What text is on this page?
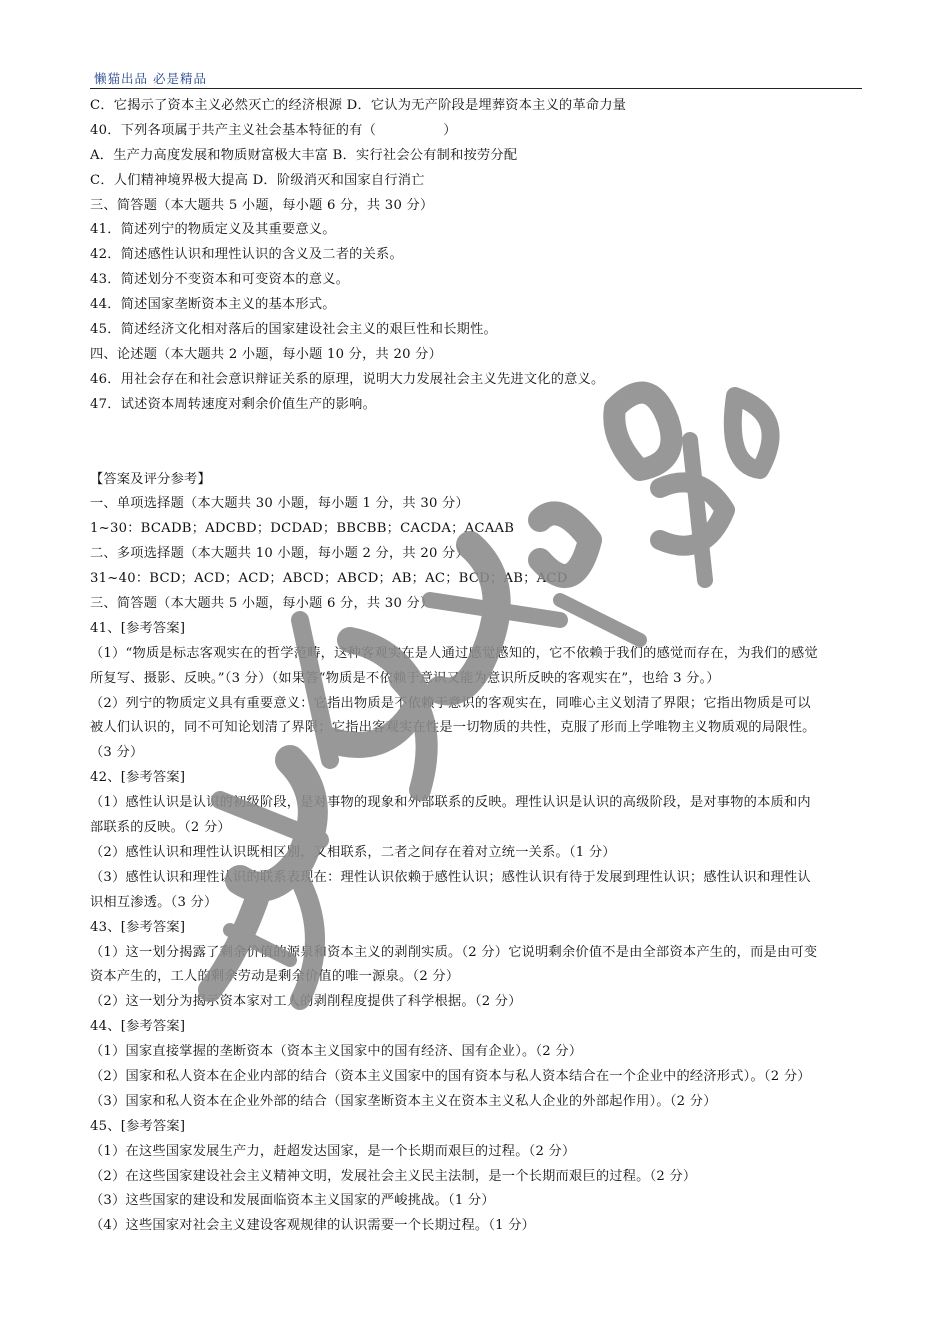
懒猫出品 必是精品
C．它揭示了资本主义必然灭亡的经济根源 D．它认为无产阶段是埋葬资本主义的革命力量
40．下列各项属于共产主义社会基本特征的有（　　　　　）
A．生产力高度发展和物质财富极大丰富 B．实行社会公有制和按劳分配
C．人们精神境界极大提高 D．阶级消灭和国家自行消亡
三、简答题（本大题共 5 小题，每小题 6 分，共 30 分）
41．简述列宁的物质定义及其重要意义。
42．简述感性认识和理性认识的含义及二者的关系。
43．简述划分不变资本和可变资本的意义。
44．简述国家垄断资本主义的基本形式。
45．简述经济文化相对落后的国家建设社会主义的艰巨性和长期性。
四、论述题（本大题共 2 小题，每小题 10 分，共 20 分）
46．用社会存在和社会意识辩证关系的原理，说明大力发展社会主义先进文化的意义。
47．试述资本周转速度对剩余价值生产的影响。
【答案及评分参考】
一、单项选择题（本大题共 30 小题，每小题 1 分，共 30 分）
1~30：BCADB；ADCBD；DCDAD；BBCBB；CACDA；ACAAB
二、多项选择题（本大题共 10 小题，每小题 2 分，共 20 分）
31~40：BCD；ACD；ACD；ABCD；ABCD；AB；AC；BCD；AB；ACD
三、简答题（本大题共 5 小题，每小题 6 分，共 30 分）
41、[参考答案]
（1）“物质是标志客观实在的哲学范畴，这种客观实在是人通过感觉感知的，它不依赖于我们的感觉而存在，为我们的感觉
所复写、摄影、反映。”（3 分）（如果答“物质是不依赖于意识又能为意识所反映的客观实在”，也给 3 分。）
（2）列宁的物质定义具有重要意义：它指出物质是不依赖于意识的客观实在，同唯心主义划清了界限；它指出物质是可以
被人们认识的，同不可知论划清了界限；它指出客观实在性是一切物质的共性，克服了形而上学唯物主义物质观的局限性。
（3 分）
42、[参考答案]
（1）感性认识是认识的初级阶段，是对事物的现象和外部联系的反映。理性认识是认识的高级阶段，是对事物的本质和内
部联系的反映。（2 分）
（2）感性认识和理性认识既相区别，又相联系，二者之间存在着对立统一关系。（1 分）
（3）感性认识和理性认识的联系表现在：理性认识依赖于感性认识；感性认识有待于发展到理性认识；感性认识和理性认
识相互渗透。（3 分）
43、[参考答案]
（1）这一划分揭露了剩余价值的源泉和资本主义的剥削实质。（2 分）它说明剩余价值不是由全部资本产生的，而是由可变
资本产生的，工人的剩余劳动是剩余价值的唯一源泉。（2 分）
（2）这一划分为揭示资本家对工人的剥削程度提供了科学根据。（2 分）
44、[参考答案]
（1）国家直接掌握的垄断资本（资本主义国家中的国有经济、国有企业）。（2 分）
（2）国家和私人资本在企业内部的结合（资本主义国家中的国有资本与私人资本结合在一个企业中的经济形式）。（2 分）
（3）国家和私人资本在企业外部的结合（国家垄断资本主义在资本主义私人企业的外部起作用）。（2 分）
45、[参考答案]
（1）在这些国家发展生产力，赶超发达国家，是一个长期而艰巨的过程。（2 分）
（2）在这些国家建设社会主义精神文明，发展社会主义民主法制，是一个长期而艰巨的过程。（2 分）
（3）这些国家的建设和发展面临资本主义国家的严峻挑战。（1 分）
（4）这些国家对社会主义建设客观规律的认识需要一个长期过程。（1 分）
